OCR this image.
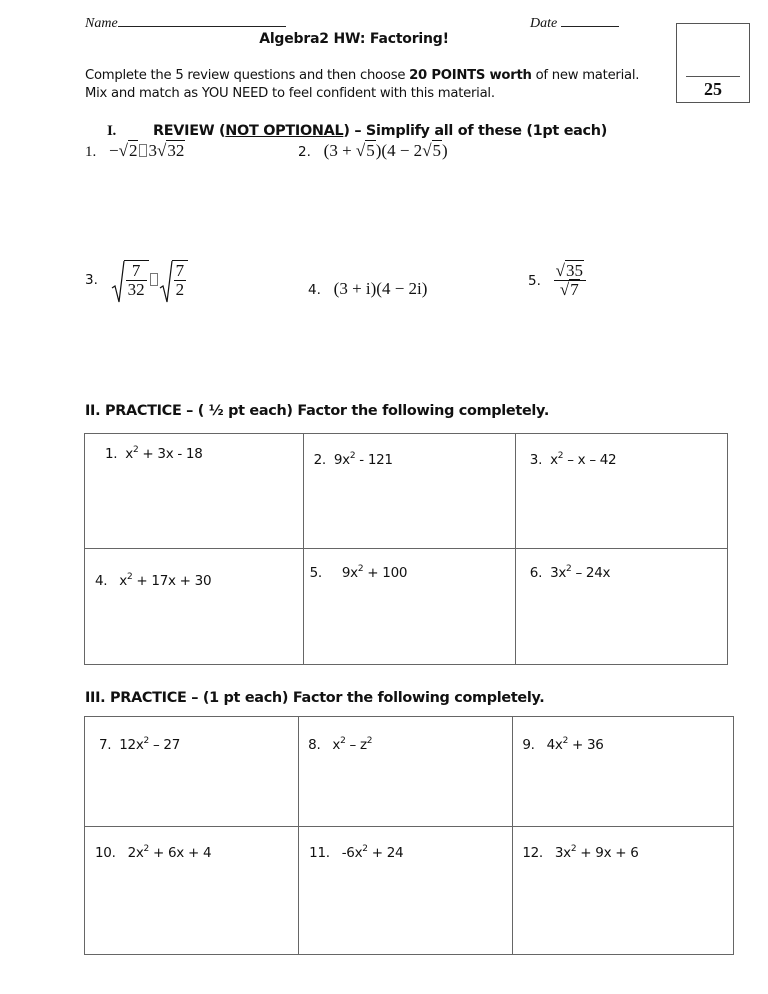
Name	Date
Algebra2 HW: Factoring!
25
Complete the 5 review questions and then choose 20 POINTS worth of new material.
Mix and match as YOU NEED to feel confident with this material.
I.	REVIEW (NOT OPTIONAL) – Simplify all of these (1pt each)
1. −√2 3√32	2. (3 + √5)(4 − 2√5)
3. $\frac{7}{32} \frac{7}{2}$	4. (3 + i)(4 − 2i)	5. $\frac{√35}{√7}$
II. PRACTICE – ( ½ pt each) Factor the following completely.
1. $x^2 + 3x - 18$	2. $9x^2 - 121$	3. $x^2$ – x – 42

4. $x^2 + 17x + 30$	5. $9x^2 + 100$	6. $3x^2 - 24x$
III. PRACTICE – (1 pt each) Factor the following completely.
7. $12x^2 - 27$	8. $x^2 - z^2$	9. $4x^2 + 36$

10. $2x^2 + 6x + 4$	11. $-6x^2 + 24$	12. $3x^2 + 9x + 6$
